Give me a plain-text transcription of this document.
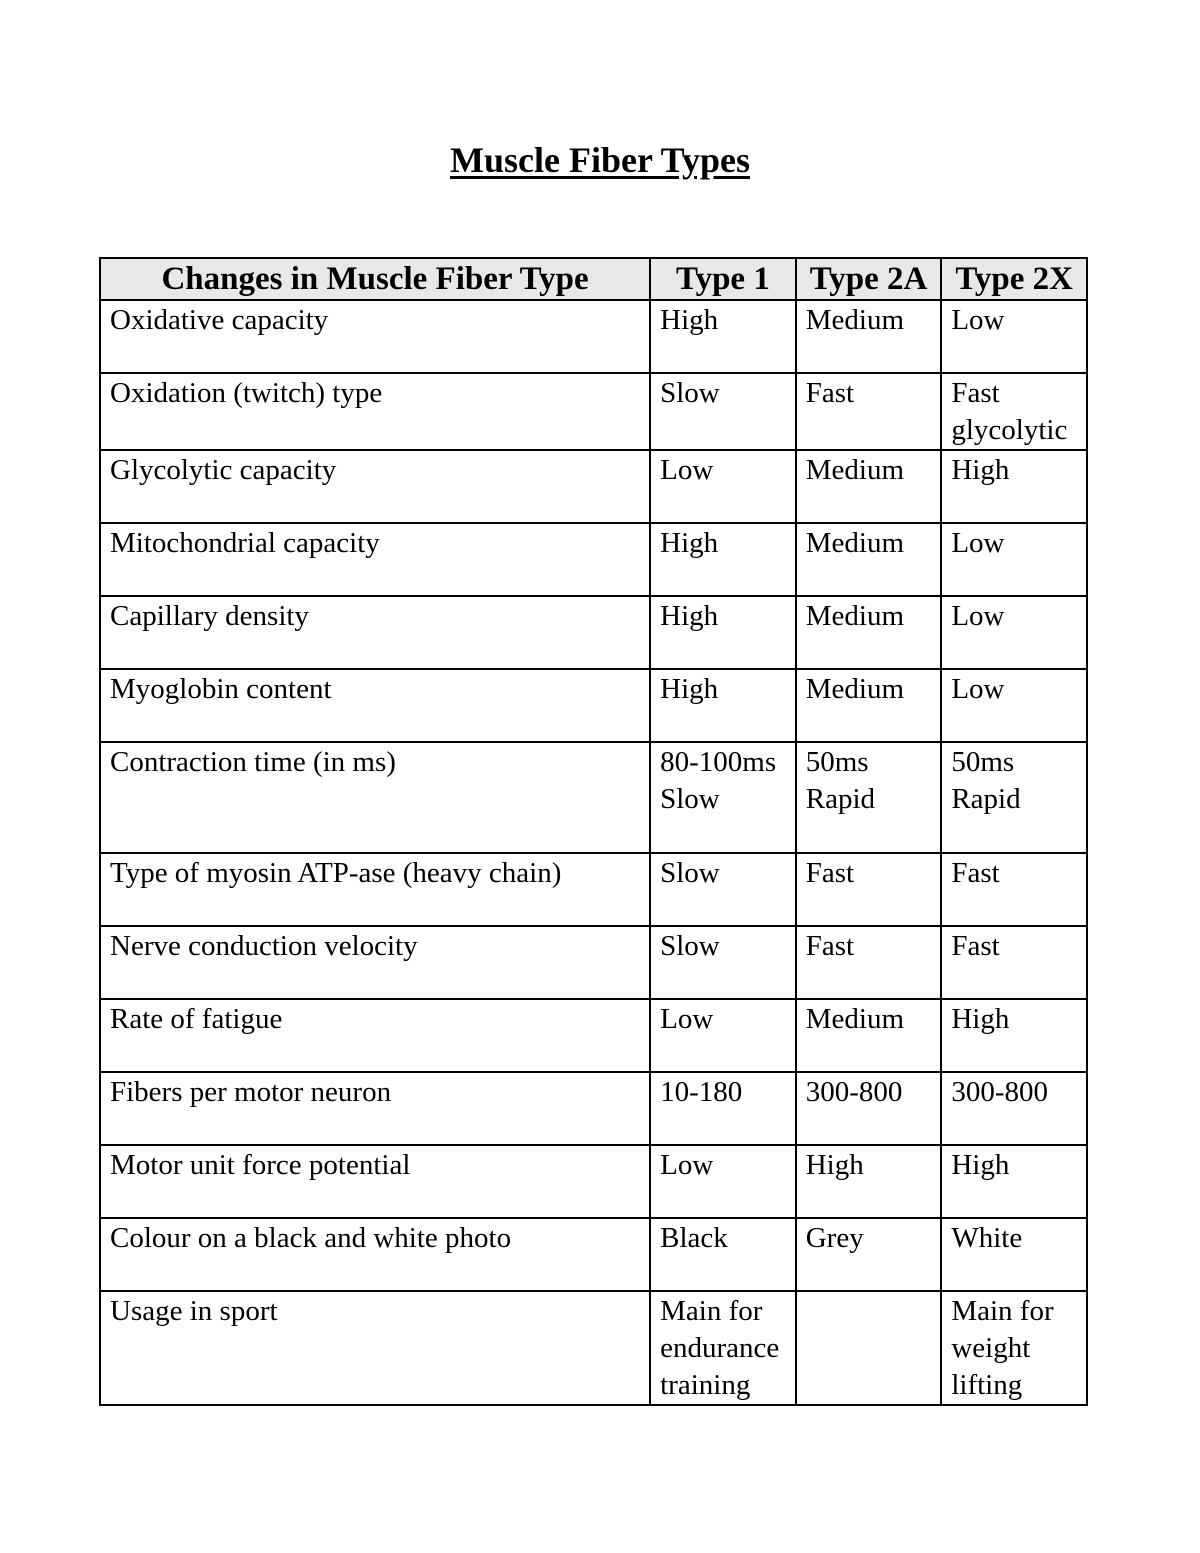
Muscle Fiber Types
Changes in Muscle Fiber Type	Type 1	Type 2A	Type 2X
Oxidative capacity	High	Medium	Low
Oxidation (twitch) type	Slow	Fast	Fast glycolytic
Glycolytic capacity	Low	Medium	High
Mitochondrial capacity	High	Medium	Low
Capillary density	High	Medium	Low
Myoglobin content	High	Medium	Low
Contraction time (in ms)	80-100ms Slow	50ms Rapid	50ms Rapid
Type of myosin ATP-ase (heavy chain)	Slow	Fast	Fast
Nerve conduction velocity	Slow	Fast	Fast
Rate of fatigue	Low	Medium	High
Fibers per motor neuron	10-180	300-800	300-800
Motor unit force potential	Low	High	High
Colour on a black and white photo	Black	Grey	White
Usage in sport	Main for endurance training		Main for weight lifting
